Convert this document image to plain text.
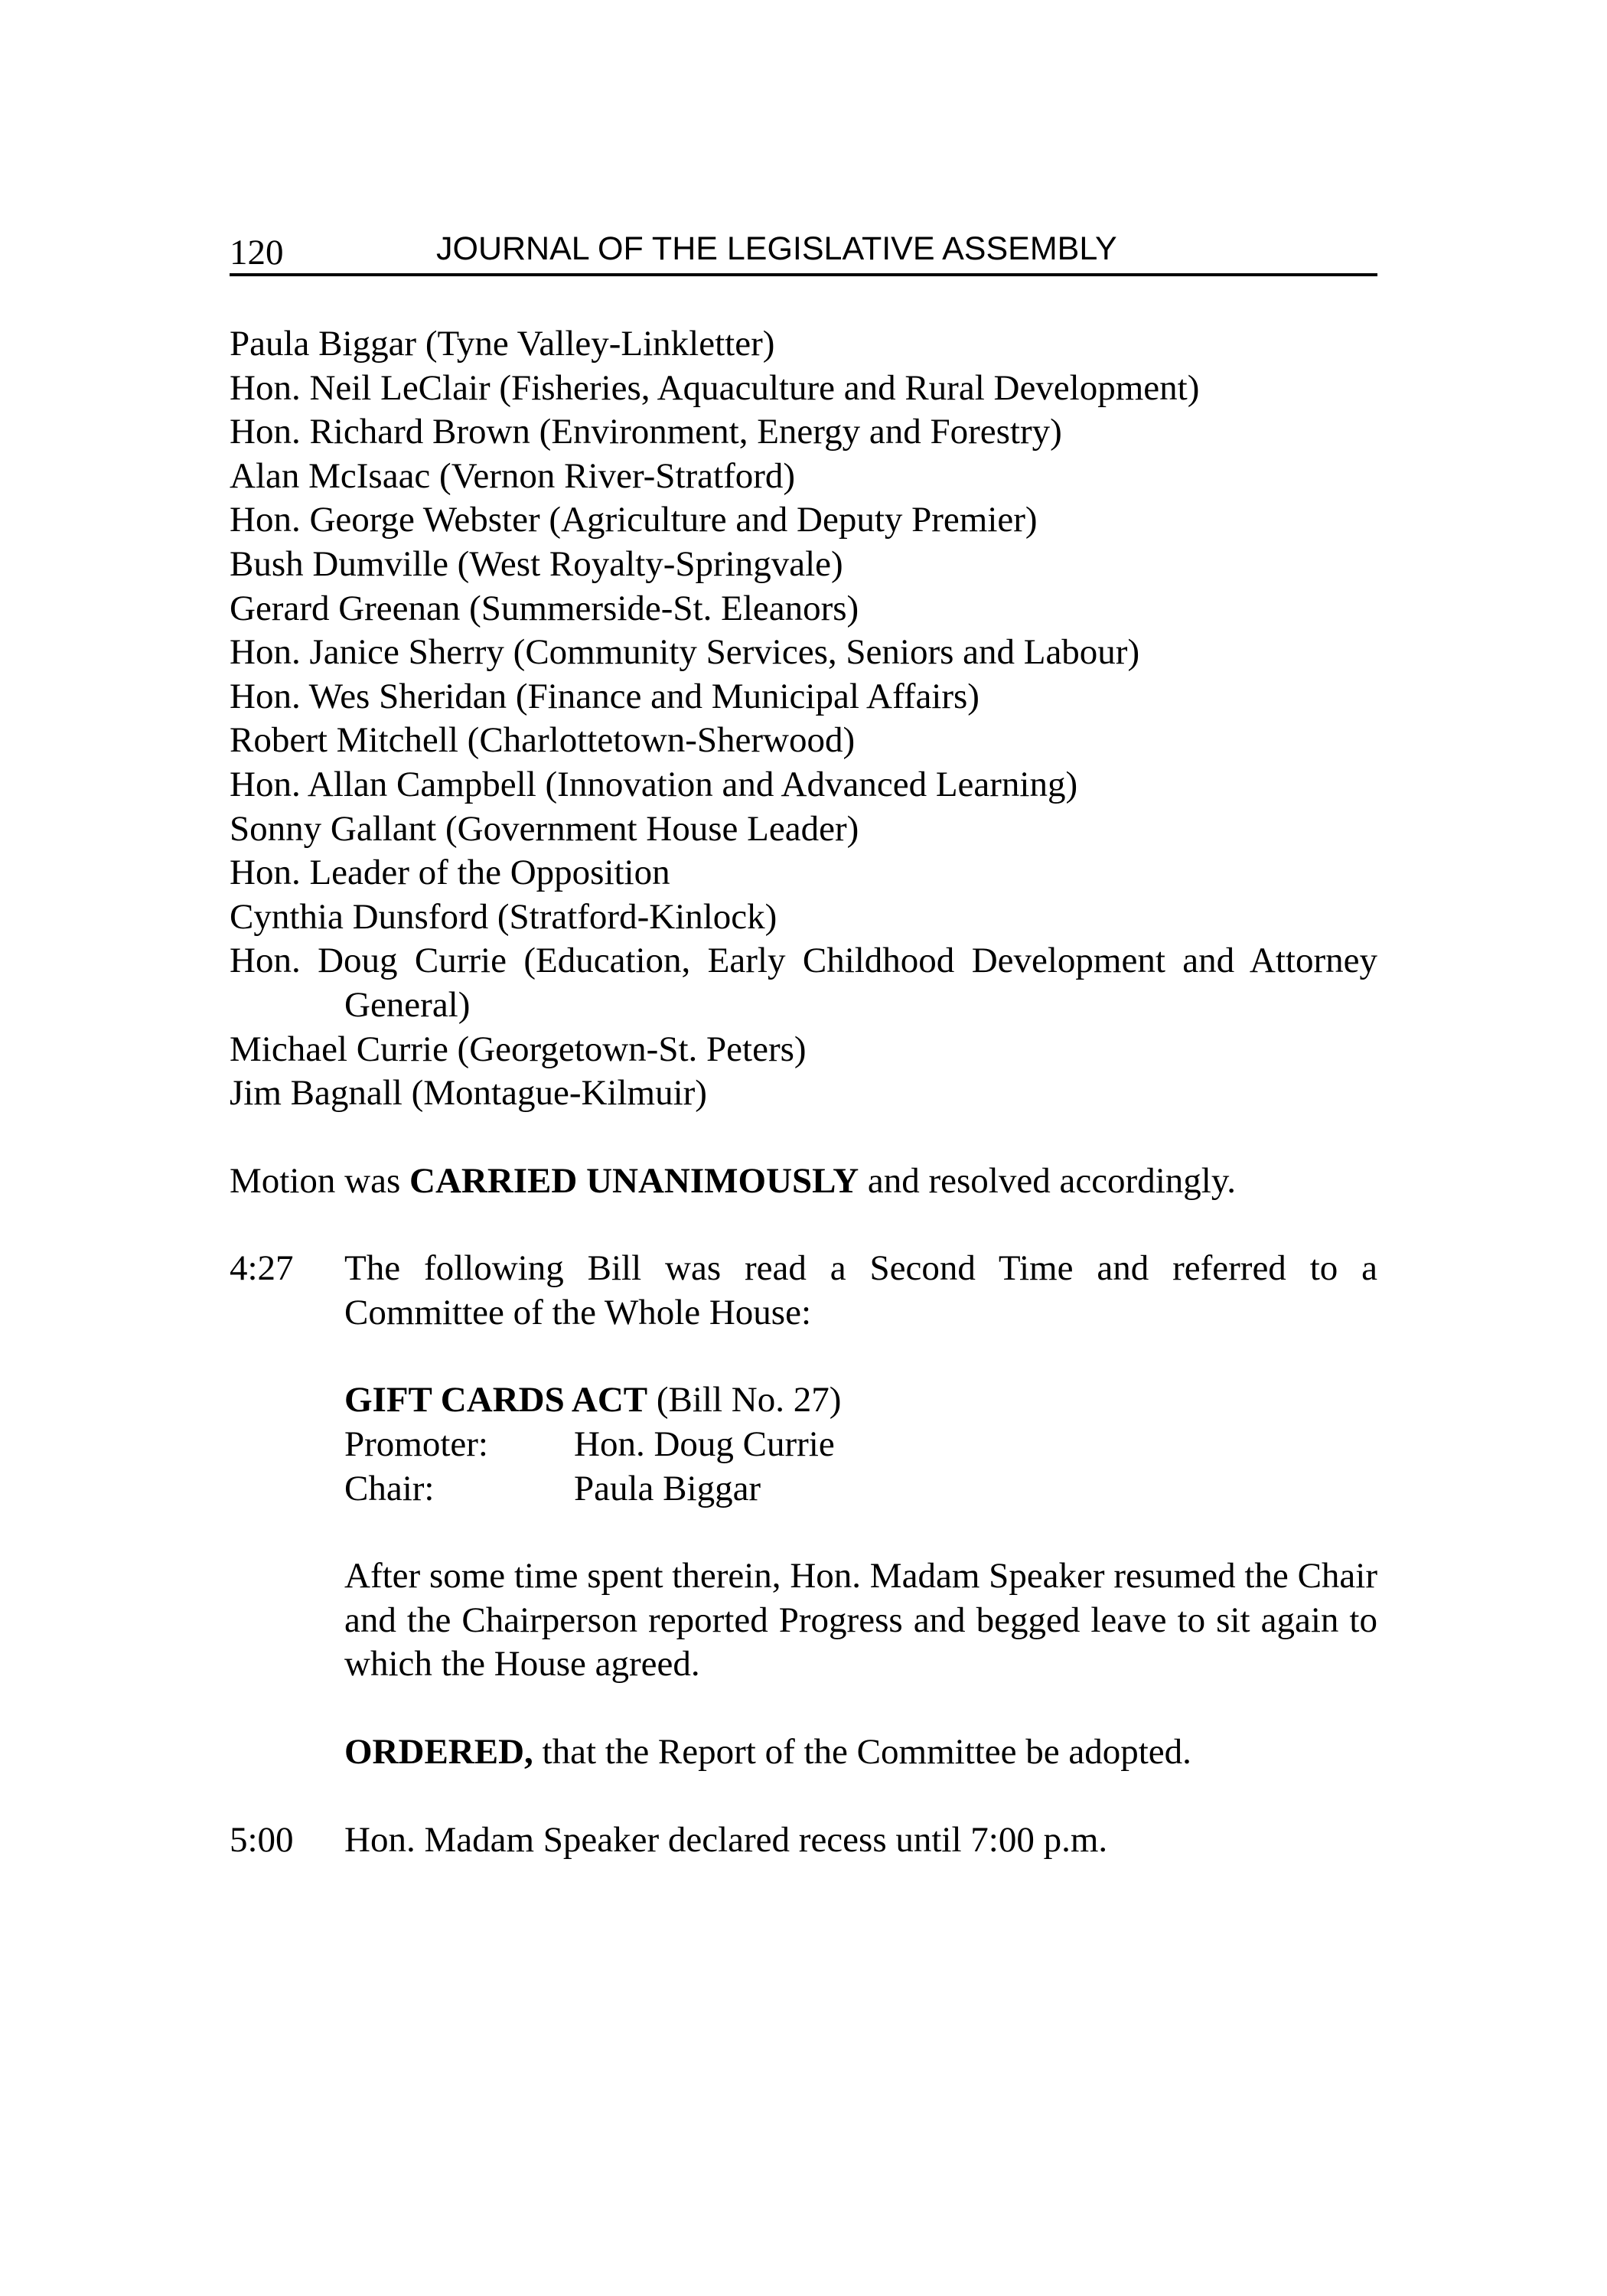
120	JOURNAL OF THE LEGISLATIVE ASSEMBLY
Paula Biggar (Tyne Valley-Linkletter)
Hon. Neil LeClair (Fisheries, Aquaculture and Rural Development)
Hon. Richard Brown (Environment, Energy and Forestry)
Alan McIsaac (Vernon River-Stratford)
Hon. George Webster (Agriculture and Deputy Premier)
Bush Dumville (West Royalty-Springvale)
Gerard Greenan (Summerside-St. Eleanors)
Hon. Janice Sherry (Community Services, Seniors and Labour)
Hon. Wes Sheridan (Finance and Municipal Affairs)
Robert Mitchell (Charlottetown-Sherwood)
Hon. Allan Campbell (Innovation and Advanced Learning)
Sonny Gallant (Government House Leader)
Hon. Leader of the Opposition
Cynthia Dunsford (Stratford-Kinlock)
Hon. Doug Currie (Education, Early Childhood Development and Attorney General)
Michael Currie (Georgetown-St. Peters)
Jim Bagnall (Montague-Kilmuir)
Motion was CARRIED UNANIMOUSLY and resolved accordingly.
4:27	The following Bill was read a Second Time and referred to a Committee of the Whole House:
GIFT CARDS ACT (Bill No. 27)
Promoter:	Hon. Doug Currie
Chair:	Paula Biggar
After some time spent therein, Hon. Madam Speaker resumed the Chair and the Chairperson reported Progress and begged leave to sit again to which the House agreed.
ORDERED, that the Report of the Committee be adopted.
5:00	Hon. Madam Speaker declared recess until 7:00 p.m.
